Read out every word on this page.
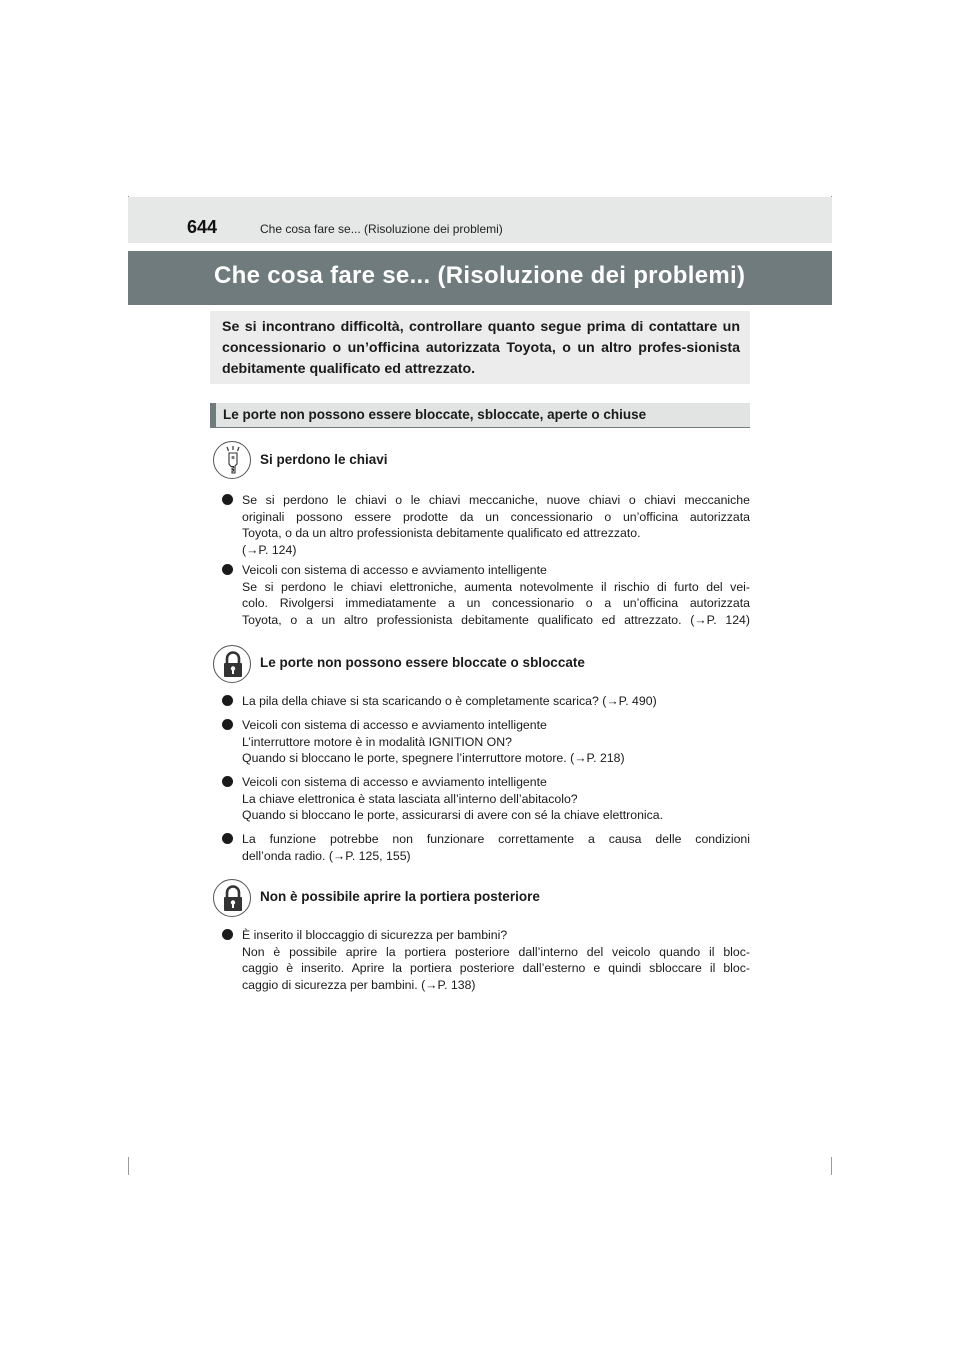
644	Che cosa fare se... (Risoluzione dei problemi)
Che cosa fare se... (Risoluzione dei problemi)

Se si incontrano difficoltà, controllare quanto segue prima di contattare un concessionario o un’officina autorizzata Toyota, o un altro profes-sionista debitamente qualificato ed attrezzato.

Le porte non possono essere bloccate, sbloccate, aperte o chiuse
Si perdono le chiavi
Se si perdono le chiavi o le chiavi meccaniche, nuove chiavi o chiavi meccaniche
originali possono essere prodotte da un concessionario o un’officina autorizzata
Toyota, o da un altro professionista debitamente qualificato ed attrezzato.
(→P. 124)
Veicoli con sistema di accesso e avviamento intelligente
Se si perdono le chiavi elettroniche, aumenta notevolmente il rischio di furto del vei-
colo. Rivolgersi immediatamente a un concessionario o a un’officina autorizzata
Toyota, o a un altro professionista debitamente qualificato ed attrezzato. (→P. 124)
Le porte non possono essere bloccate o sbloccate
La pila della chiave si sta scaricando o è completamente scarica? (→P. 490)
Veicoli con sistema di accesso e avviamento intelligente
L’interruttore motore è in modalità IGNITION ON?
Quando si bloccano le porte, spegnere l’interruttore motore. (→P. 218)
Veicoli con sistema di accesso e avviamento intelligente
La chiave elettronica è stata lasciata all’interno dell’abitacolo?
Quando si bloccano le porte, assicurarsi di avere con sé la chiave elettronica.
La funzione potrebbe non funzionare correttamente a causa delle condizioni
dell’onda radio. (→P. 125, 155)
Non è possibile aprire la portiera posteriore
È inserito il bloccaggio di sicurezza per bambini?
Non è possibile aprire la portiera posteriore dall’interno del veicolo quando il bloc-
caggio è inserito. Aprire la portiera posteriore dall’esterno e quindi sbloccare il bloc-
caggio di sicurezza per bambini. (→P. 138)
